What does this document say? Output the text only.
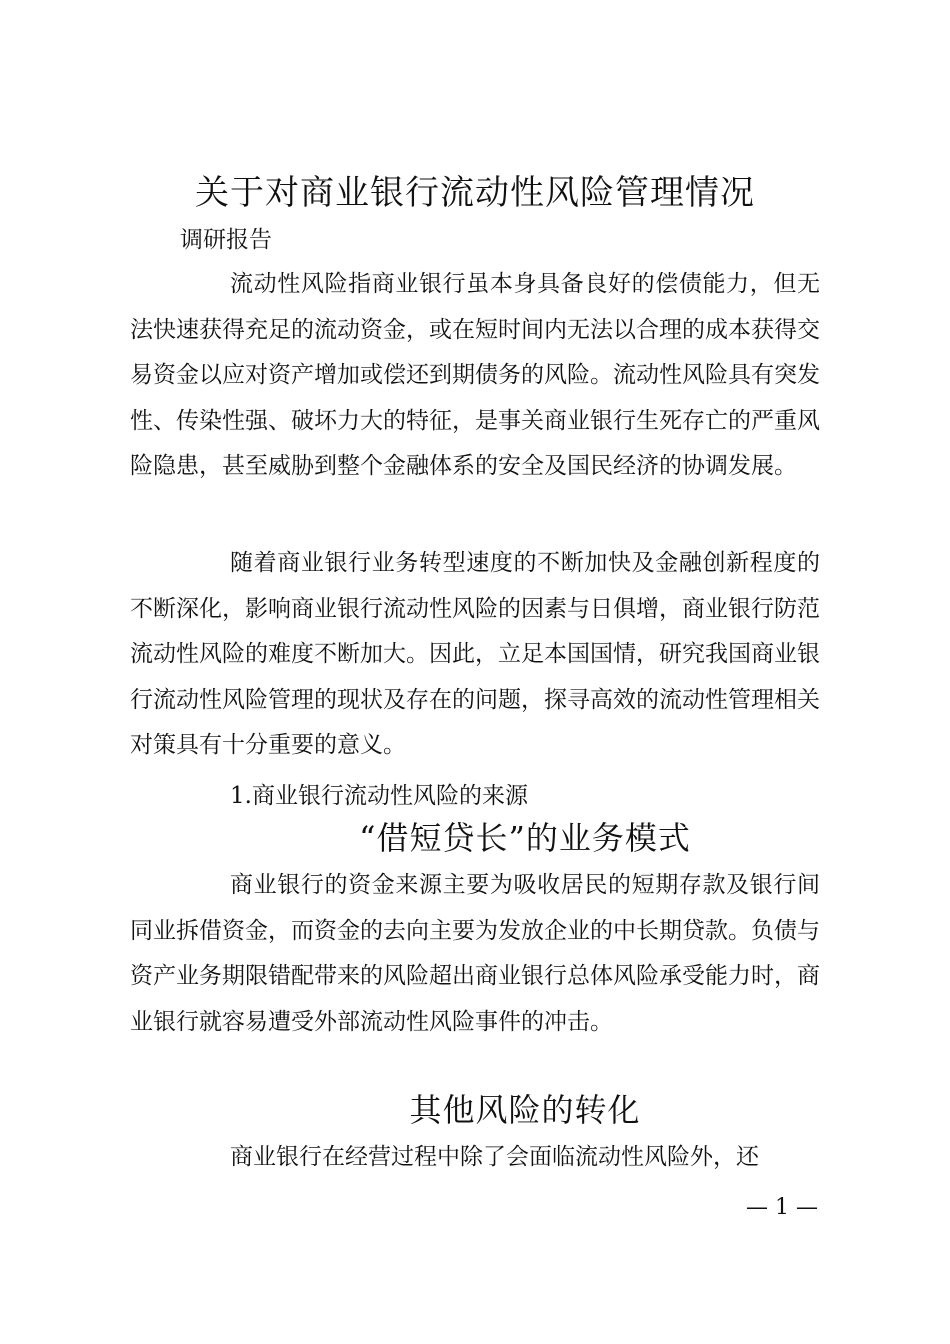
关于对商业银行流动性风险管理情况
调研报告

流动性风险指商业银行虽本身具备良好的偿债能力，但无法快速获得充足的流动资金，或在短时间内无法以合理的成本获得交易资金以应对资产增加或偿还到期债务的风险。流动性风险具有突发性、传染性强、破坏力大的特征，是事关商业银行生死存亡的严重风险隐患，甚至威胁到整个金融体系的安全及国民经济的协调发展。

随着商业银行业务转型速度的不断加快及金融创新程度的不断深化，影响商业银行流动性风险的因素与日俱增，商业银行防范流动性风险的难度不断加大。因此，立足本国国情，研究我国商业银行流动性风险管理的现状及存在的问题，探寻高效的流动性管理相关对策具有十分重要的意义。

1.商业银行流动性风险的来源
“借短贷长”的业务模式

商业银行的资金来源主要为吸收居民的短期存款及银行间同业拆借资金，而资金的去向主要为发放企业的中长期贷款。负债与资产业务期限错配带来的风险超出商业银行总体风险承受能力时，商业银行就容易遭受外部流动性风险事件的冲击。

其他风险的转化

商业银行在经营过程中除了会面临流动性风险外，还

— 1 —
